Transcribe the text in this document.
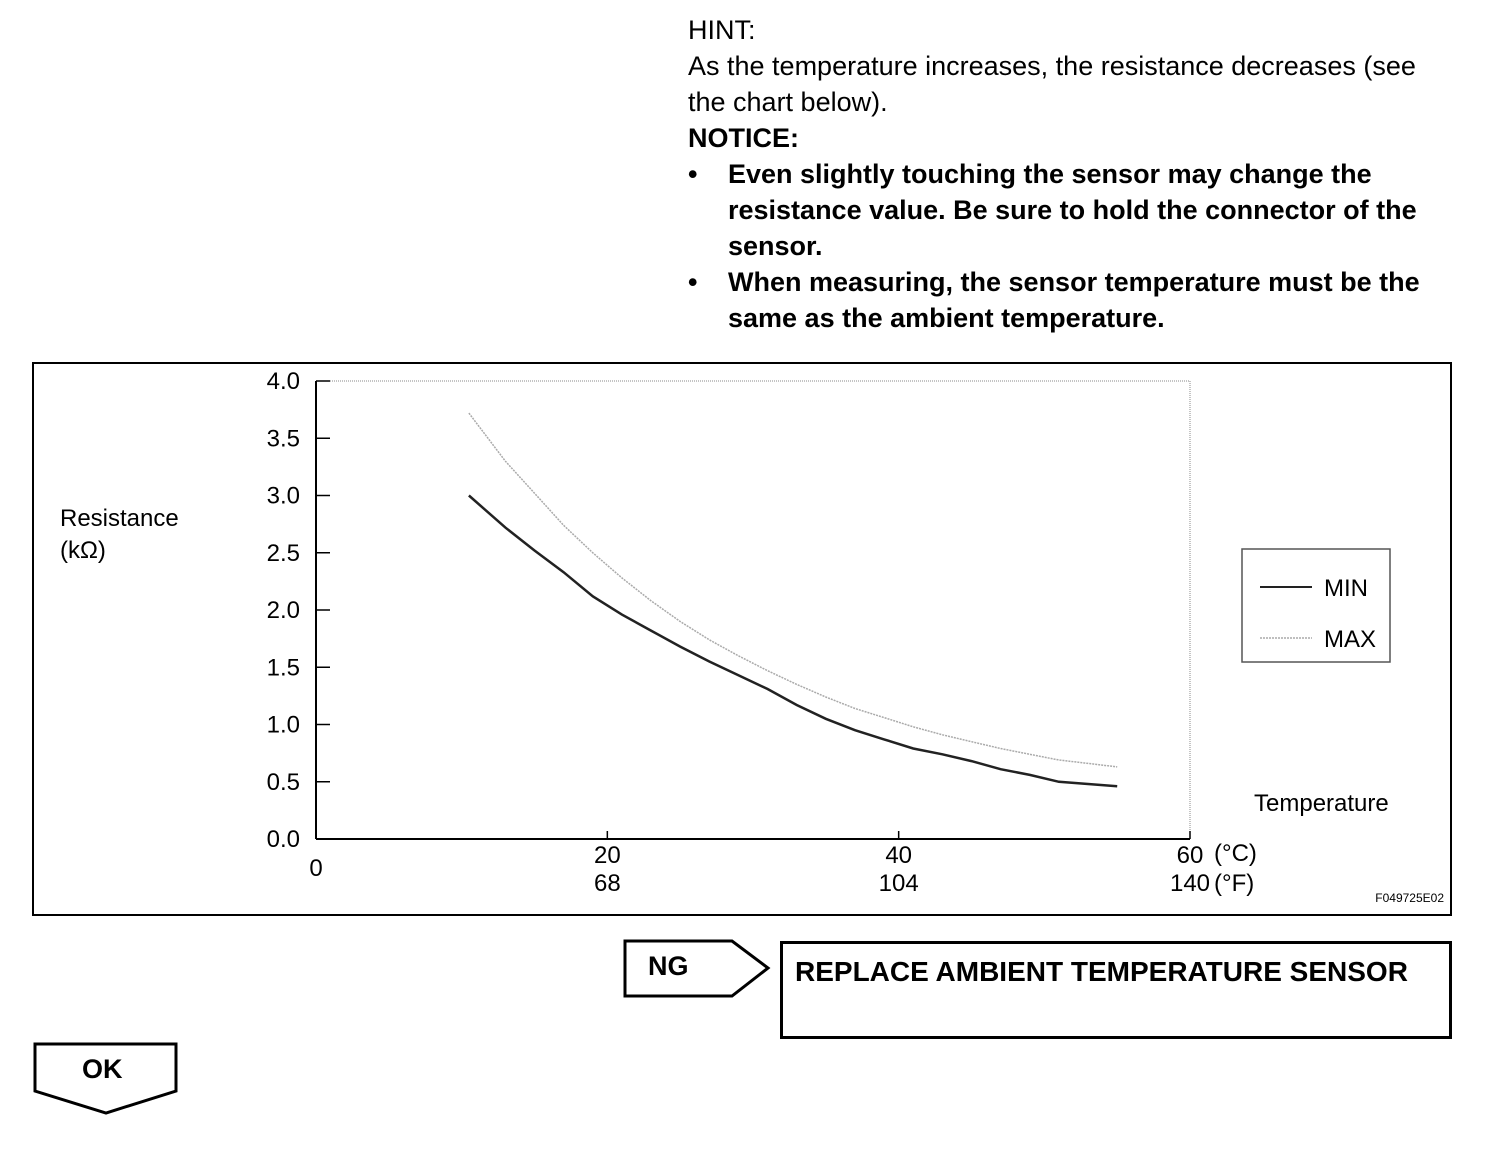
HINT:
As the temperature increases, the resistance decreases (see the chart below).
NOTICE:
• Even slightly touching the sensor may change the resistance value. Be sure to hold the connector of the sensor.
• When measuring, the sensor temperature must be the same as the ambient temperature.
0.0
0.5
1.0
1.5
2.0
2.5
3.0
3.5
4.0
0	20	40	60
68	104	140
Resistance
(kΩ)
Temperature
(°C)
(°F)
MIN
MAX
F049725E02
NG	REPLACE AMBIENT TEMPERATURE SENSOR
OK
